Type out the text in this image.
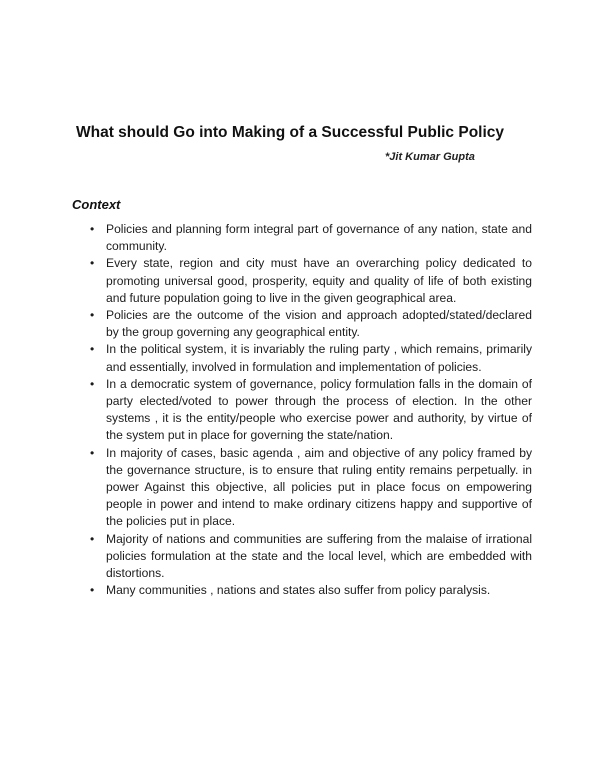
What should Go into Making of a Successful Public Policy
*Jit Kumar Gupta
Context
• Policies and planning form integral part of governance of any nation, state and community.
• Every state, region and city must have an overarching policy dedicated to promoting universal good, prosperity, equity and quality of life of both existing and future population going to live in the given geographical area.
• Policies are the outcome of the vision and approach adopted/stated/declared by the group governing any geographical entity.
• In the political system, it is invariably the ruling party , which remains, primarily and essentially, involved in formulation and implementation of policies.
• In a democratic system of governance, policy formulation falls in the domain of party elected/voted to power through the process of election. In the other systems , it is the entity/people who exercise power and authority, by virtue of the system put in place for governing the state/nation.
• In majority of cases, basic agenda , aim and objective of any policy framed by the governance structure, is to ensure that ruling entity remains perpetually. in power Against this objective, all policies put in place focus on empowering people in power and intend to make ordinary citizens happy and supportive of the policies put in place.
• Majority of nations and communities are suffering from the malaise of irrational policies formulation at the state and the local level, which are embedded with distortions.
• Many communities , nations and states also suffer from policy paralysis.
